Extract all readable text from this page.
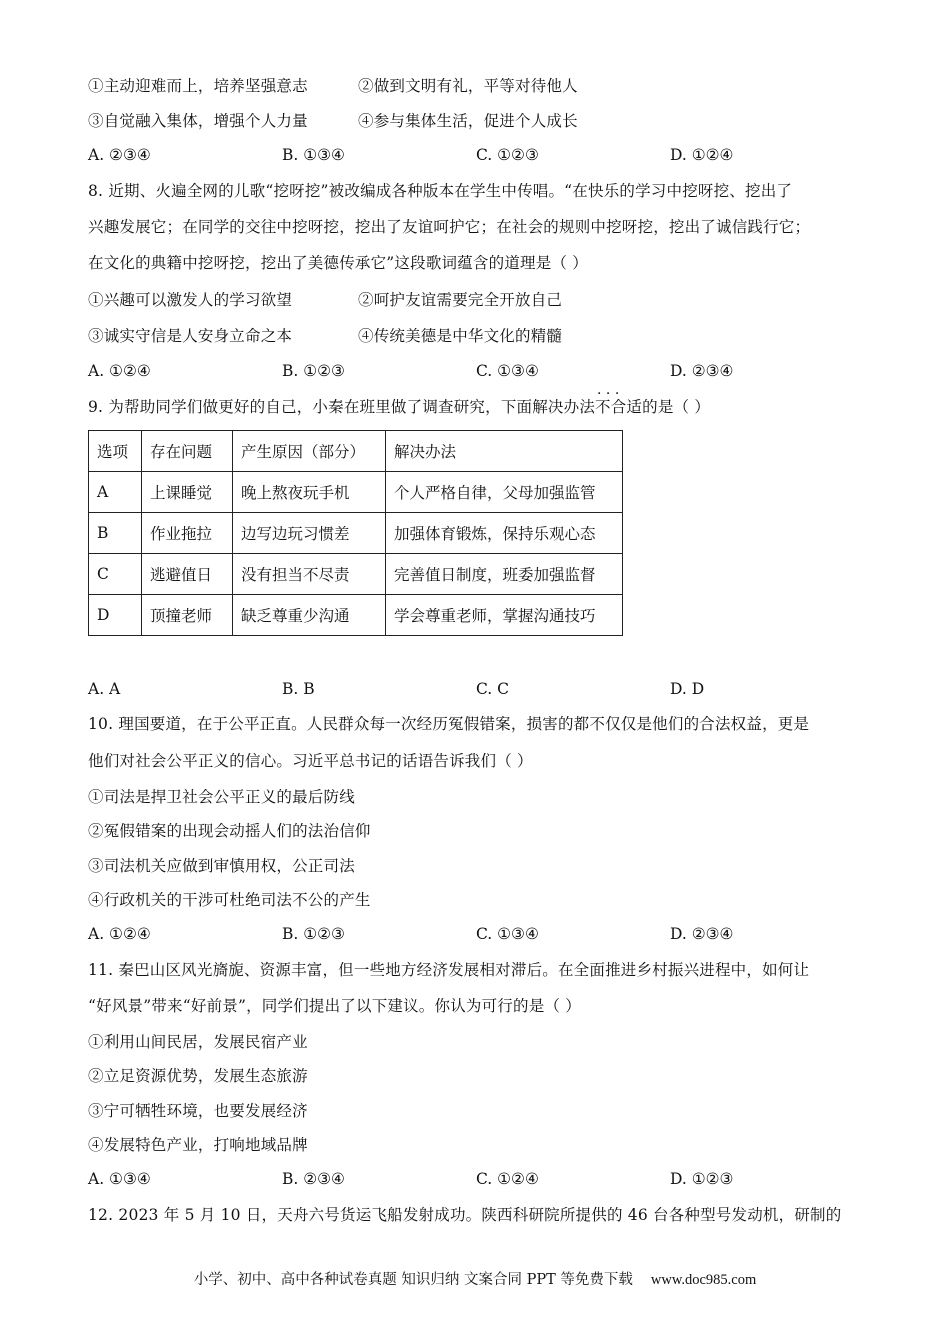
①主动迎难而上，培养坚强意志	②做到文明有礼，平等对待他人
③自觉融入集体，增强个人力量	④参与集体生活，促进个人成长
A. ②③④	B. ①③④	C. ①②③	D. ①②④
8. 近期、火遍全网的儿歌“挖呀挖”被改编成各种版本在学生中传唱。“在快乐的学习中挖呀挖、挖出了
兴趣发展它；在同学的交往中挖呀挖，挖出了友谊呵护它；在社会的规则中挖呀挖，挖出了诚信践行它；
在文化的典籍中挖呀挖，挖出了美德传承它”这段歌词蕴含的道理是（ ）
①兴趣可以激发人的学习欲望	②呵护友谊需要完全开放自己
③诚实守信是人安身立命之本	④传统美德是中华文化的精髓
A. ①②④	B. ①②③	C. ①③④	D. ②③④
9. 为帮助同学们做更好的自己，小秦在班里做了调查研究，下面解决办法不合适 · · ·的是（ ）
选项	存在问题	产生原因（部分）	解决办法
A	上课睡觉	晚上熬夜玩手机	个人严格自律，父母加强监管
B	作业拖拉	边写边玩习惯差	加强体育锻炼，保持乐观心态
C	逃避值日	没有担当不尽责	完善值日制度，班委加强监督
D	顶撞老师	缺乏尊重少沟通	学会尊重老师，掌握沟通技巧
A. A	B. B	C. C	D. D
10. 理国要道，在于公平正直。人民群众每一次经历冤假错案，损害的都不仅仅是他们的合法权益，更是
他们对社会公平正义的信心。习近平总书记的话语告诉我们（ ）
①司法是捍卫社会公平正义的最后防线
②冤假错案的出现会动摇人们的法治信仰
③司法机关应做到审慎用权，公正司法
④行政机关的干涉可杜绝司法不公的产生
A. ①②④	B. ①②③	C. ①③④	D. ②③④
11. 秦巴山区风光旖旎、资源丰富，但一些地方经济发展相对滞后。在全面推进乡村振兴进程中，如何让
“好风景”带来“好前景”，同学们提出了以下建议。你认为可行的是（ ）
①利用山间民居，发展民宿产业
②立足资源优势，发展生态旅游
③宁可牺牲环境，也要发展经济
④发展特色产业，打响地域品牌
A. ①③④	B. ②③④	C. ①②④	D. ①②③
12. 2023 年 5 月 10 日，天舟六号货运飞船发射成功。陕西科研院所提供的 46 台各种型号发动机，研制的
小学、初中、高中各种试卷真题 知识归纳 文案合同 PPT 等免费下载 www.doc985.com
